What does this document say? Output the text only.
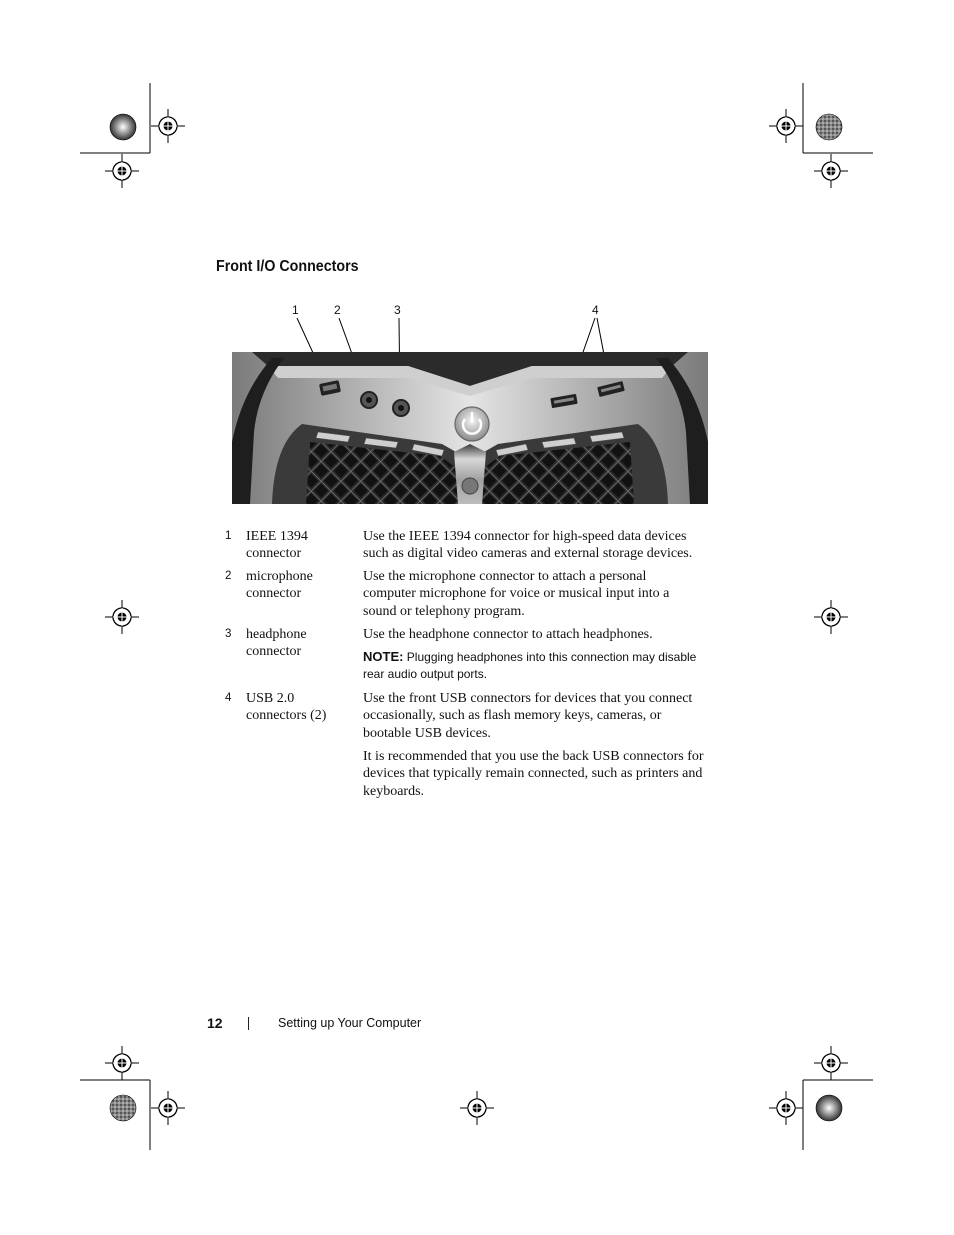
Front I/O Connectors
1	2	3	4
1 IEEE 1394 connector
Use the IEEE 1394 connector for high-speed data devices such as digital video cameras and external storage devices.
2 microphone connector
Use the microphone connector to attach a personal computer microphone for voice or musical input into a sound or telephony program.
3 headphone connector
Use the headphone connector to attach headphones.
NOTE: Plugging headphones into this connection may disable rear audio output ports.
4 USB 2.0 connectors (2)
Use the front USB connectors for devices that you connect occasionally, such as flash memory keys, cameras, or bootable USB devices.
It is recommended that you use the back USB connectors for devices that typically remain connected, such as printers and keyboards.
12	Setting up Your Computer
